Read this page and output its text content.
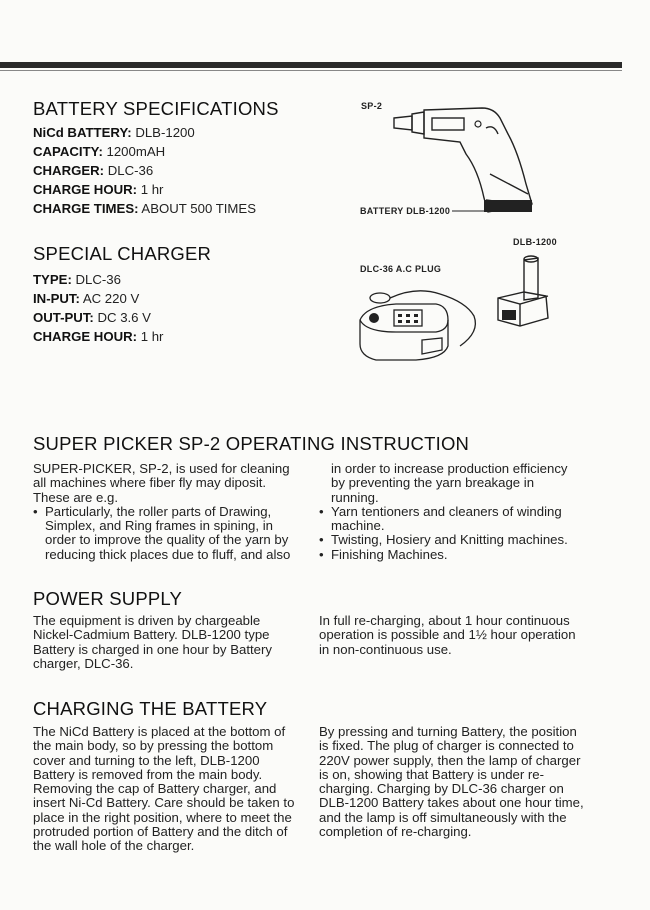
BATTERY SPECIFICATIONS
NiCd BATTERY: DLB-1200
CAPACITY: 1200mAH
CHARGER: DLC-36
CHARGE HOUR: 1 hr
CHARGE TIMES: ABOUT 500 TIMES
SPECIAL CHARGER
TYPE: DLC-36
IN-PUT: AC 220 V
OUT-PUT: DC 3.6 V
CHARGE HOUR: 1 hr
SP-2
BATTERY DLB-1200
DLB-1200
DLC-36 A.C PLUG
SUPER PICKER SP-2 OPERATING INSTRUCTION

SUPER-PICKER, SP-2, is used for cleaning all machines where fiber fly may diposit. These are e.g.

• Particularly, the roller parts of Drawing, Simplex, and Ring frames in spining, in order to improve the quality of the yarn by reducing thick places due to fluff, and also

in order to increase production efficiency by preventing the yarn breakage in running.

• Yarn tentioners and cleaners of winding machine.
• Twisting, Hosiery and Knitting machines.
• Finishing Machines.
POWER SUPPLY
The equipment is driven by chargeable Nickel-Cadmium Battery. DLB-1200 type Battery is charged in one hour by Battery charger, DLC-36.
In full re-charging, about 1 hour continuous operation is possible and 1½ hour operation in non-continuous use.
CHARGING THE BATTERY
The NiCd Battery is placed at the bottom of the main body, so by pressing the bottom cover and turning to the left, DLB-1200 Battery is removed from the main body. Removing the cap of Battery charger, and insert Ni-Cd Battery. Care should be taken to place in the right position, where to meet the protruded portion of Battery and the ditch of the wall hole of the charger.
By pressing and turning Battery, the position is fixed. The plug of charger is connected to 220V power supply, then the lamp of charger is on, showing that Battery is under re-charging. Charging by DLC-36 charger on DLB-1200 Battery takes about one hour time, and the lamp is off simultaneously with the completion of re-charging.
